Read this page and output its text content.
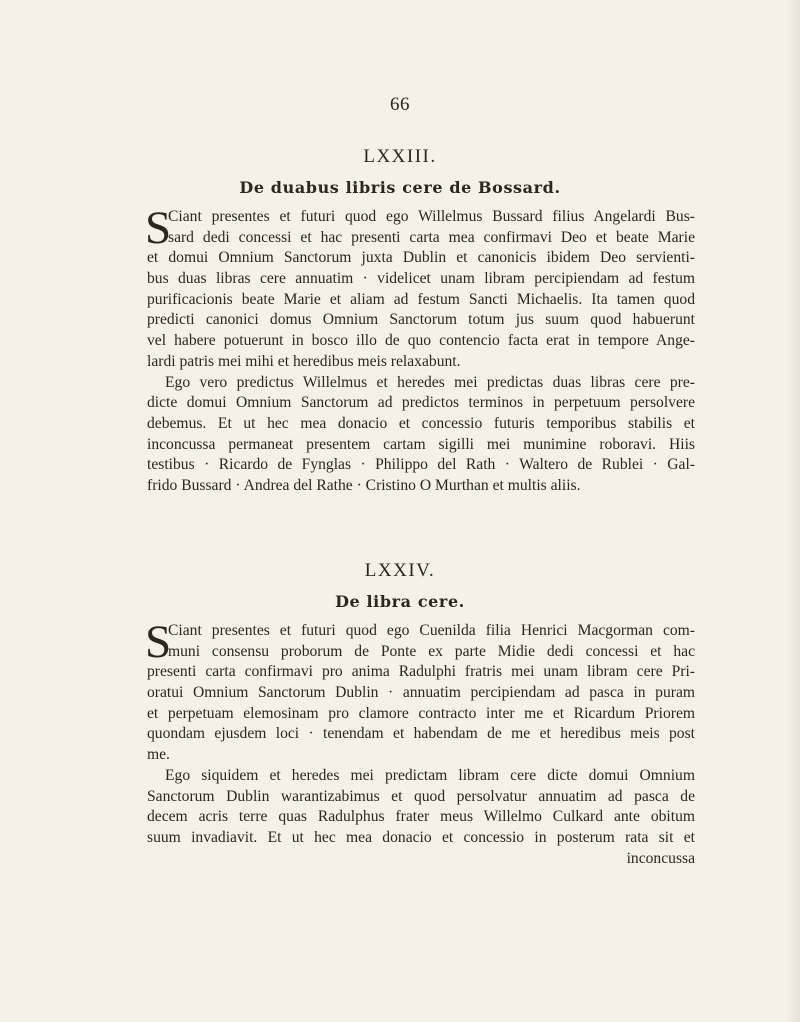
66
LXXIII.
De duabus libris cere de Bossard.
S
Ciant presentes et futuri quod ego Willelmus Bussard filius Angelardi Bus-
sard dedi concessi et hac presenti carta mea confirmavi Deo et beate Marie
et domui Omnium Sanctorum juxta Dublin et canonicis ibidem Deo servienti-
bus duas libras cere annuatim · videlicet unam libram percipiendam ad festum
purificacionis beate Marie et aliam ad festum Sancti Michaelis. Ita tamen quod
predicti canonici domus Omnium Sanctorum totum jus suum quod habuerunt
vel habere potuerunt in bosco illo de quo contencio facta erat in tempore Ange-
lardi patris mei mihi et heredibus meis relaxabunt.
Ego vero predictus Willelmus et heredes mei predictas duas libras cere pre-
dicte domui Omnium Sanctorum ad predictos terminos in perpetuum persolvere
debemus. Et ut hec mea donacio et concessio futuris temporibus stabilis et
inconcussa permaneat presentem cartam sigilli mei munimine roboravi. Hiis
testibus · Ricardo de Fynglas · Philippo del Rath · Waltero de Rublei · Gal-
frido Bussard · Andrea del Rathe · Cristino O Murthan et multis aliis.
LXXIV.
De libra cere.
S
Ciant presentes et futuri quod ego Cuenilda filia Henrici Macgorman com-
muni consensu proborum de Ponte ex parte Midie dedi concessi et hac
presenti carta confirmavi pro anima Radulphi fratris mei unam libram cere Pri-
oratui Omnium Sanctorum Dublin · annuatim percipiendam ad pasca in puram
et perpetuam elemosinam pro clamore contracto inter me et Ricardum Priorem
quondam ejusdem loci · tenendam et habendam de me et heredibus meis post
me.
Ego siquidem et heredes mei predictam libram cere dicte domui Omnium
Sanctorum Dublin warantizabimus et quod persolvatur annuatim ad pasca de
decem acris terre quas Radulphus frater meus Willelmo Culkard ante obitum
suum invadiavit. Et ut hec mea donacio et concessio in posterum rata sit et
inconcussa
